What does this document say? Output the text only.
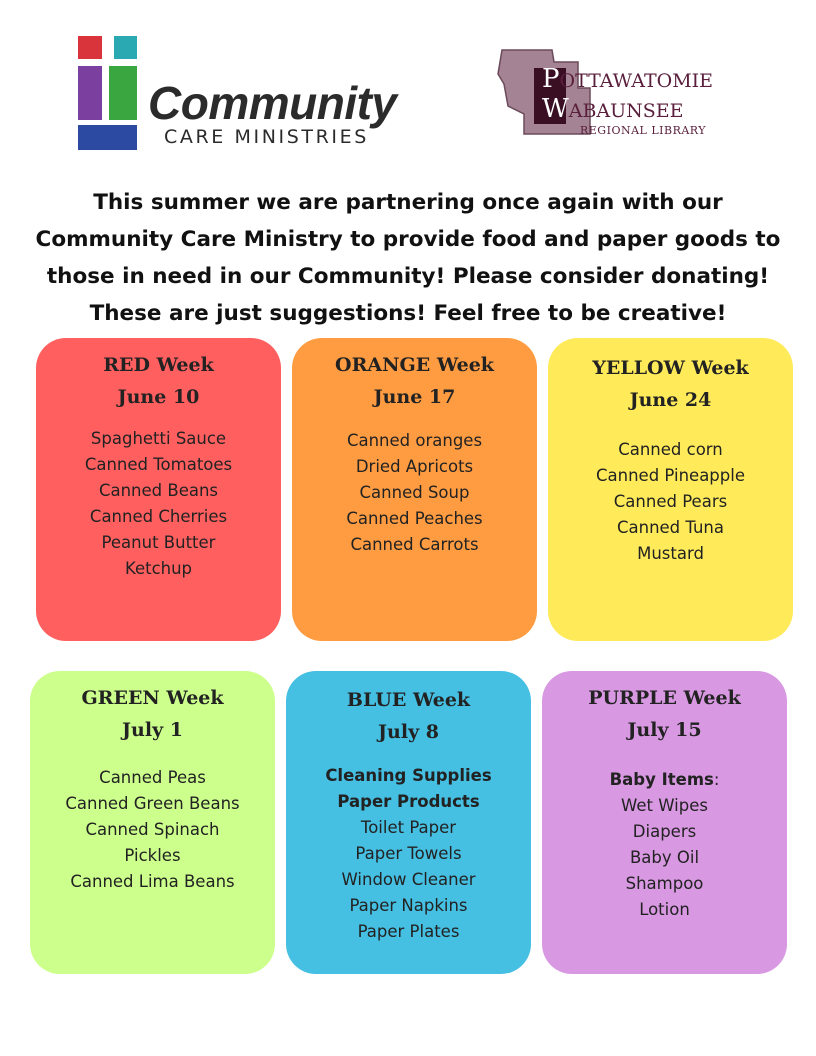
Community
CARE MINISTRIES
POTTAWATOMIE
WABAUNSEE
REGIONAL LIBRARY
This summer we are partnering once again with our Community Care Ministry to provide food and paper goods to those in need in our Community! Please consider donating! These are just suggestions! Feel free to be creative!
RED Week
June 10
Spaghetti Sauce
Canned Tomatoes
Canned Beans
Canned Cherries
Peanut Butter
Ketchup
ORANGE Week
June 17
Canned oranges
Dried Apricots
Canned Soup
Canned Peaches
Canned Carrots
YELLOW Week
June 24
Canned corn
Canned Pineapple
Canned Pears
Canned Tuna
Mustard
GREEN Week
July 1
Canned Peas
Canned Green Beans
Canned Spinach
Pickles
Canned Lima Beans
BLUE Week
July 8
Cleaning Supplies
Paper Products
Toilet Paper
Paper Towels
Window Cleaner
Paper Napkins
Paper Plates
PURPLE Week
July 15
Baby Items:
Wet Wipes
Diapers
Baby Oil
Shampoo
Lotion
